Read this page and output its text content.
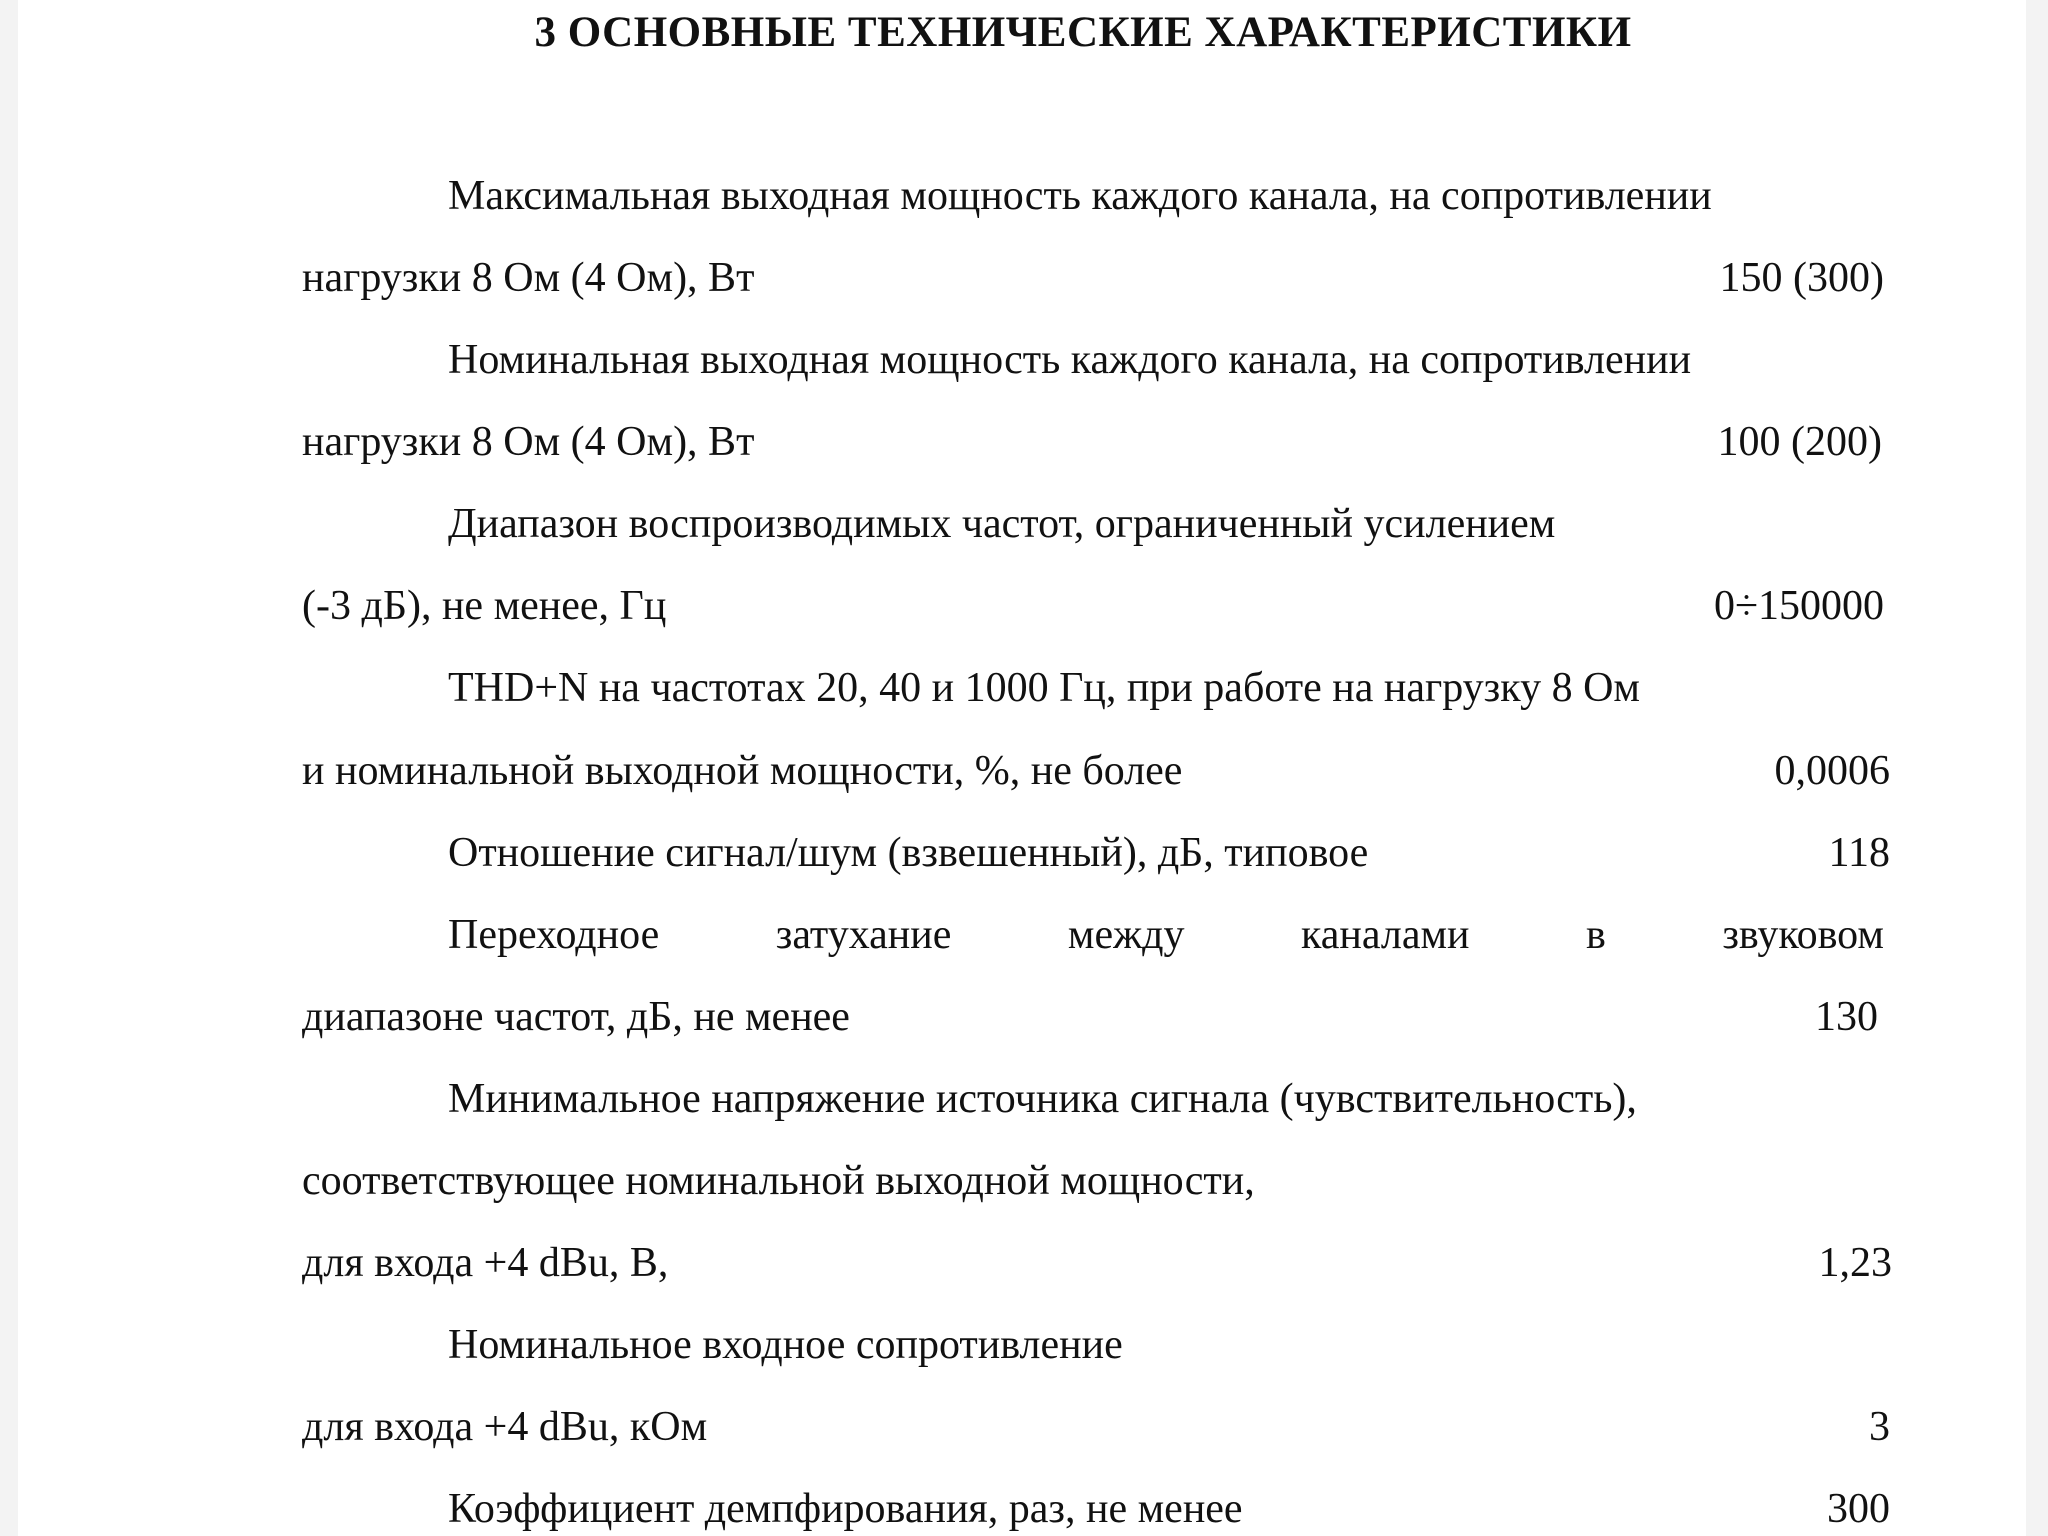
3 ОСНОВНЫЕ ТЕХНИЧЕСКИЕ ХАРАКТЕРИСТИКИ
Максимальная выходная мощность каждого канала, на сопротивлении
нагрузки 8 Ом (4 Ом), Вт	150 (300)
Номинальная выходная мощность каждого канала, на сопротивлении
нагрузки 8 Ом (4 Ом), Вт	100 (200)
Диапазон воспроизводимых частот, ограниченный усилением
(-3 дБ), не менее, Гц	0÷150000
THD+N на частотах 20, 40 и 1000 Гц, при работе на нагрузку 8 Ом
и номинальной выходной мощности, %, не более	0,0006
Отношение сигнал/шум (взвешенный), дБ, типовое	118
Переходное	затухание	между	каналами	в	звуковом
диапазоне частот, дБ, не менее	130
Минимальное напряжение источника сигнала (чувствительность),
соответствующее номинальной выходной мощности,
для входа +4 dBu, В,	1,23
Номинальное входное сопротивление
для входа +4 dBu, кОм	3
Коэффициент демпфирования, раз, не менее	300
